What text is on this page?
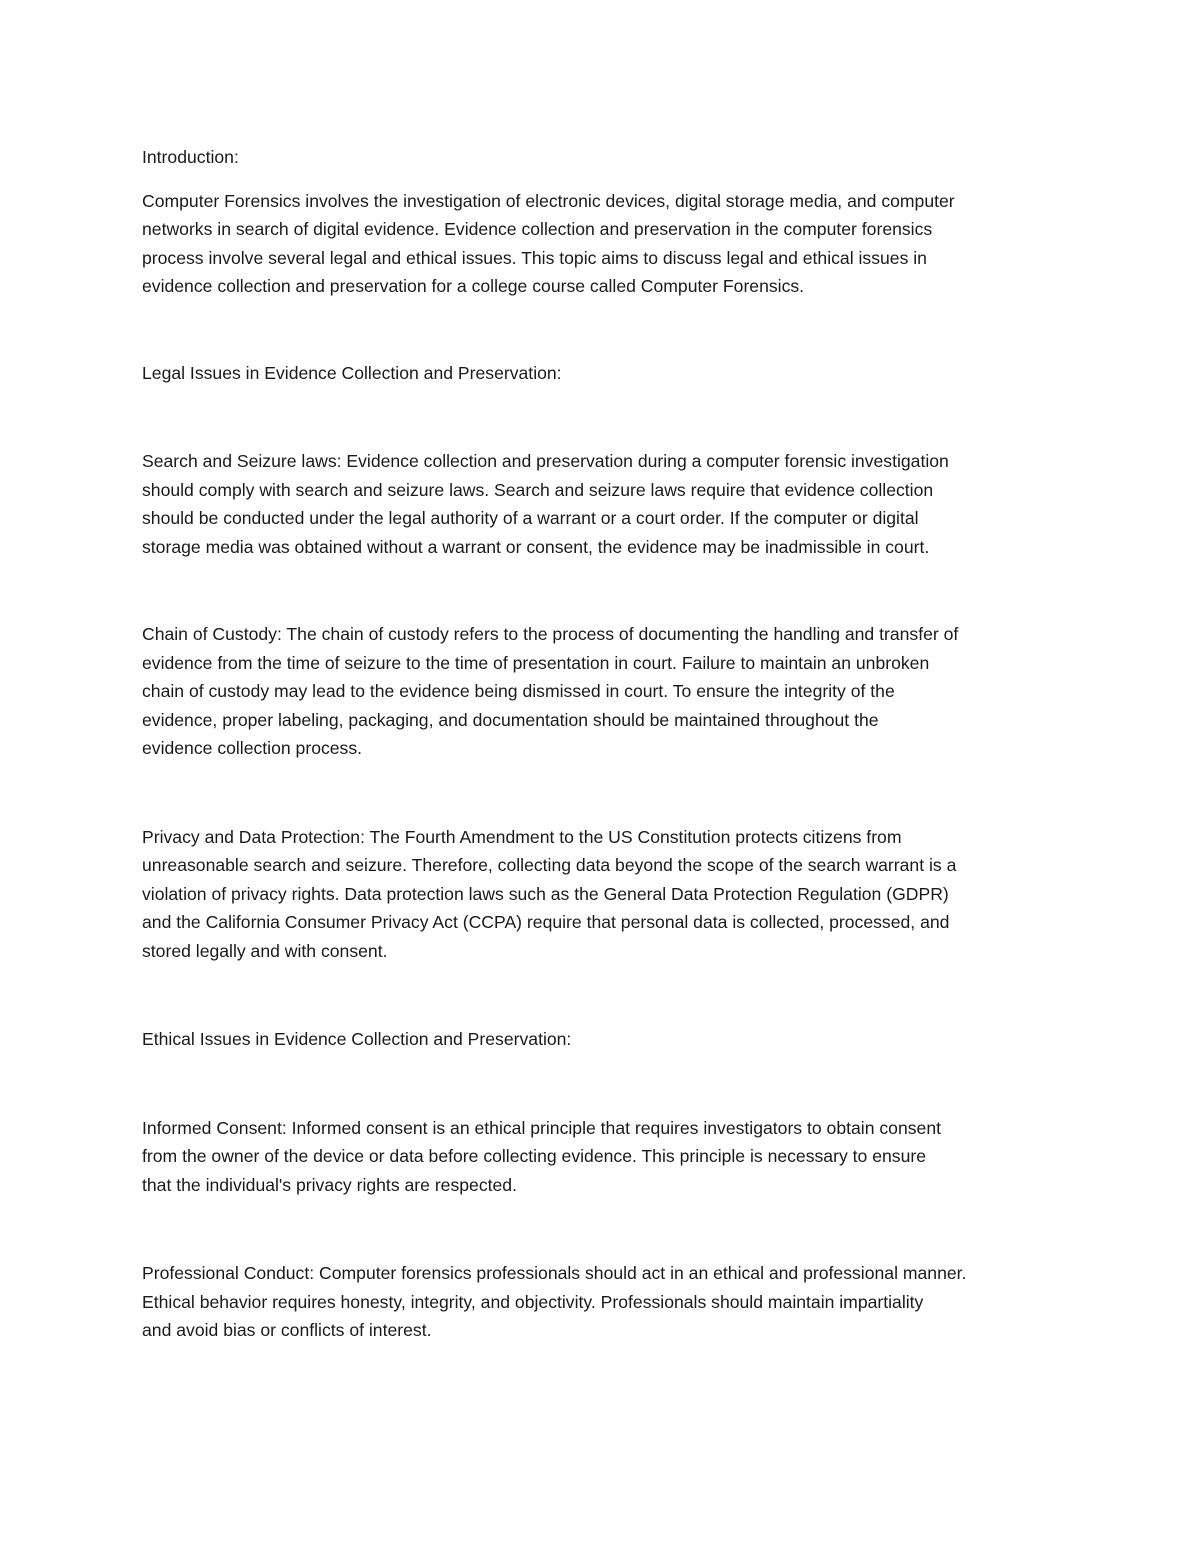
Introduction:

Computer Forensics involves the investigation of electronic devices, digital storage media, and computer
networks in search of digital evidence. Evidence collection and preservation in the computer forensics
process involve several legal and ethical issues. This topic aims to discuss legal and ethical issues in
evidence collection and preservation for a college course called Computer Forensics.

Legal Issues in Evidence Collection and Preservation:

Search and Seizure laws: Evidence collection and preservation during a computer forensic investigation
should comply with search and seizure laws. Search and seizure laws require that evidence collection
should be conducted under the legal authority of a warrant or a court order. If the computer or digital
storage media was obtained without a warrant or consent, the evidence may be inadmissible in court.

Chain of Custody: The chain of custody refers to the process of documenting the handling and transfer of
evidence from the time of seizure to the time of presentation in court. Failure to maintain an unbroken
chain of custody may lead to the evidence being dismissed in court. To ensure the integrity of the
evidence, proper labeling, packaging, and documentation should be maintained throughout the
evidence collection process.

Privacy and Data Protection: The Fourth Amendment to the US Constitution protects citizens from
unreasonable search and seizure. Therefore, collecting data beyond the scope of the search warrant is a
violation of privacy rights. Data protection laws such as the General Data Protection Regulation (GDPR)
and the California Consumer Privacy Act (CCPA) require that personal data is collected, processed, and
stored legally and with consent.

Ethical Issues in Evidence Collection and Preservation:

Informed Consent: Informed consent is an ethical principle that requires investigators to obtain consent
from the owner of the device or data before collecting evidence. This principle is necessary to ensure
that the individual's privacy rights are respected.

Professional Conduct: Computer forensics professionals should act in an ethical and professional manner.
Ethical behavior requires honesty, integrity, and objectivity. Professionals should maintain impartiality
and avoid bias or conflicts of interest.
